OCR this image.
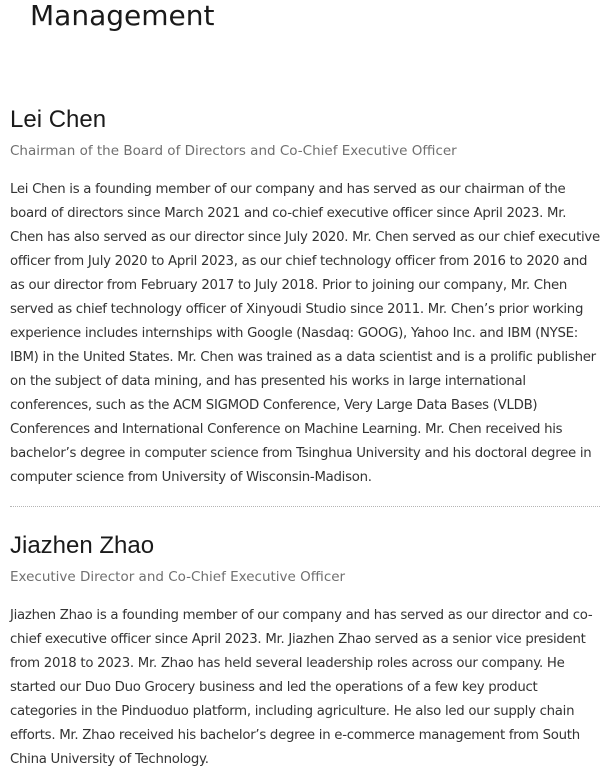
Management
Lei Chen
Chairman of the Board of Directors and Co-Chief Executive Officer

Lei Chen is a founding member of our company and has served as our chairman of the board of directors since March 2021 and co-chief executive officer since April 2023. Mr. Chen has also served as our director since July 2020. Mr. Chen served as our chief executive officer from July 2020 to April 2023, as our chief technology officer from 2016 to 2020 and as our director from February 2017 to July 2018. Prior to joining our company, Mr. Chen served as chief technology officer of Xinyoudi Studio since 2011. Mr. Chen’s prior working experience includes internships with Google (Nasdaq: GOOG), Yahoo Inc. and IBM (NYSE: IBM) in the United States. Mr. Chen was trained as a data scientist and is a prolific publisher on the subject of data mining, and has presented his works in large international conferences, such as the ACM SIGMOD Conference, Very Large Data Bases (VLDB) Conferences and International Conference on Machine Learning. Mr. Chen received his bachelor’s degree in computer science from Tsinghua University and his doctoral degree in computer science from University of Wisconsin-Madison.

Jiazhen Zhao
Executive Director and Co-Chief Executive Officer

Jiazhen Zhao is a founding member of our company and has served as our director and co-chief executive officer since April 2023. Mr. Jiazhen Zhao served as a senior vice president from 2018 to 2023. Mr. Zhao has held several leadership roles across our company. He started our Duo Duo Grocery business and led the operations of a few key product categories in the Pinduoduo platform, including agriculture. He also led our supply chain efforts. Mr. Zhao received his bachelor’s degree in e-commerce management from South China University of Technology.
